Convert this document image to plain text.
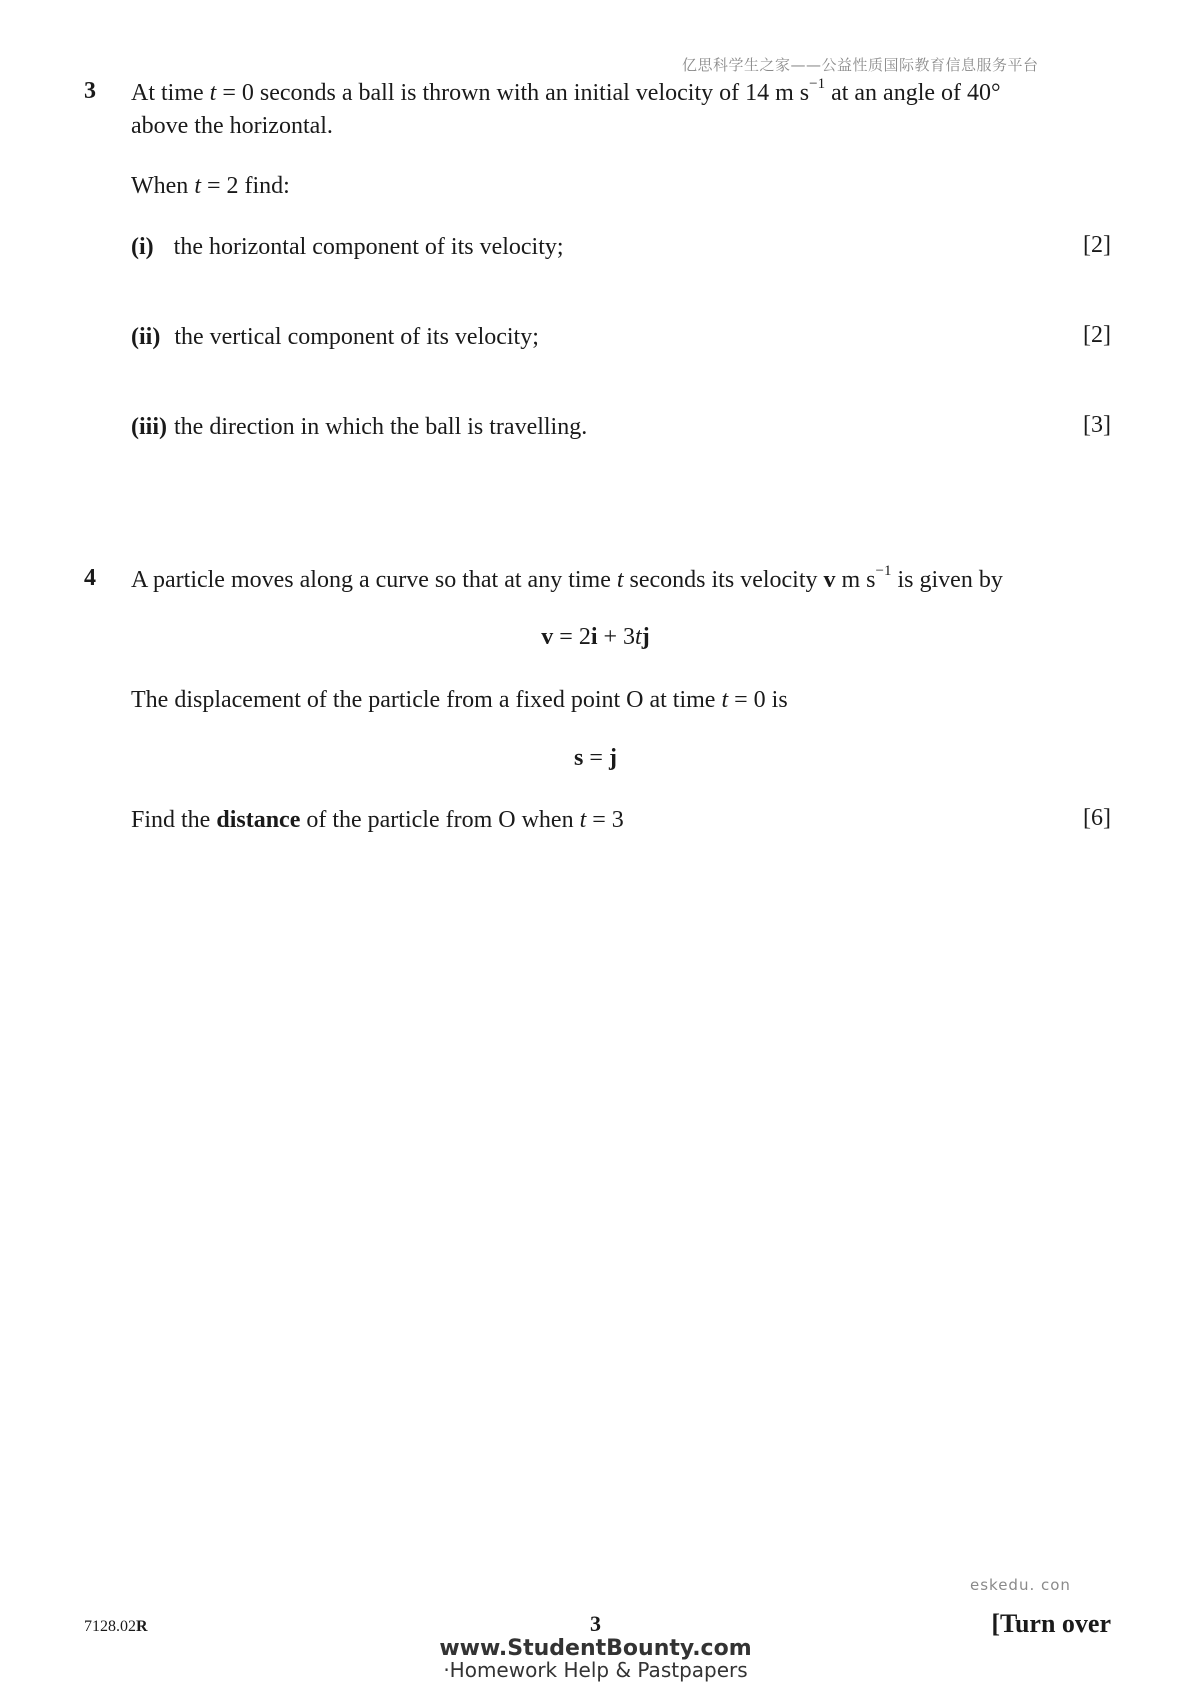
亿思科学生之家——公益性质国际教育信息服务平台
3 At time t = 0 seconds a ball is thrown with an initial velocity of 14 m $s^{-1}$ at an angle of 40°
above the horizontal.
When t = 2 find:
(i) the horizontal component of its velocity;	[2]
(ii) the vertical component of its velocity;	[2]
(iii) the direction in which the ball is travelling.	[3]
4 A particle moves along a curve so that at any time t seconds its velocity v m $s^{-1}$ is given by
v = 2i + 3tj
The displacement of the particle from a fixed point O at time t = 0 is
s = j
Find the distance of the particle from O when t = 3	[6]
eskedu. con
7128.02R	3	[Turn over
www.StudentBounty.com
·Homework Help & Pastpapers
